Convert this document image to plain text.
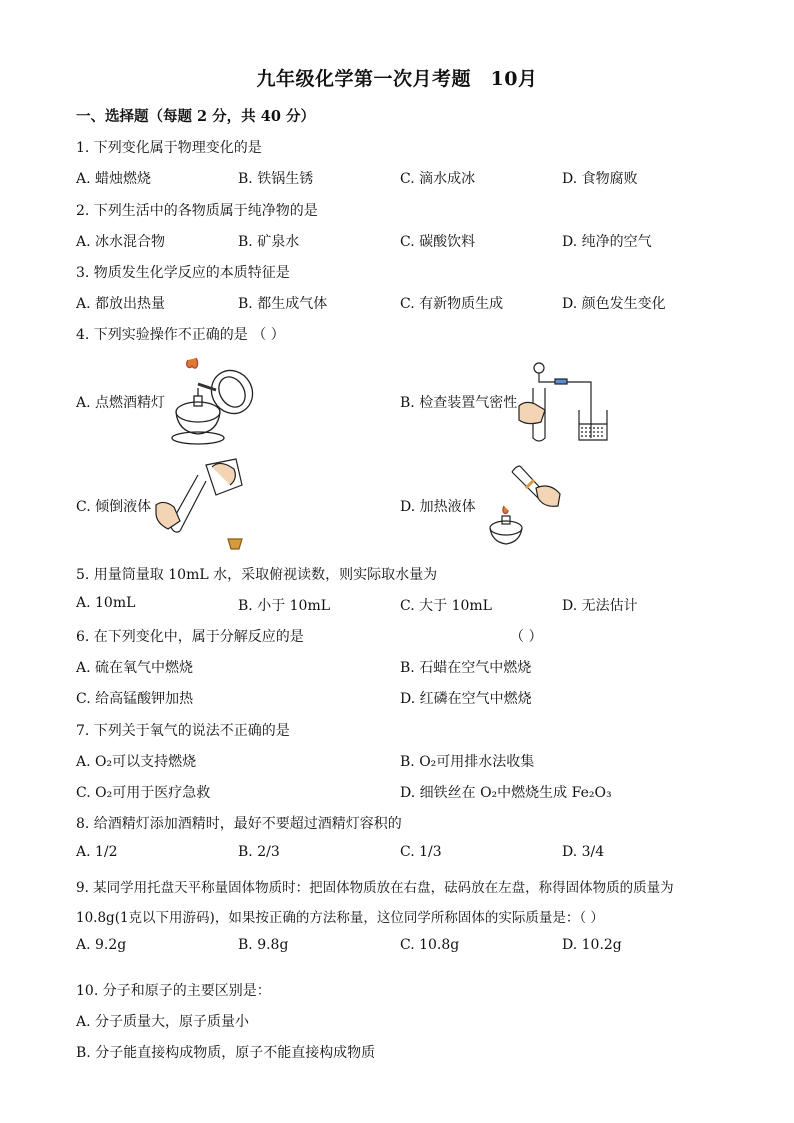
九年级化学第一次月考题　10月
一、选择题（每题 2 分，共 40 分）
1. 下列变化属于物理变化的是
A. 蜡烛燃烧	B. 铁锅生锈	C. 滴水成冰	D. 食物腐败
2. 下列生活中的各物质属于纯净物的是
A. 冰水混合物	B. 矿泉水	C. 碳酸饮料	D. 纯净的空气
3. 物质发生化学反应的本质特征是
A. 都放出热量	B. 都生成气体	C. 有新物质生成	D. 颜色发生变化
4. 下列实验操作不正确的是 （ ）
A. 点燃酒精灯	B. 检查装置气密性
C. 倾倒液体	D. 加热液体
5. 用量筒量取 10mL 水，采取俯视读数，则实际取水量为
A. 10mL	B. 小于 10mL	C. 大于 10mL	D. 无法估计
6. 在下列变化中，属于分解反应的是	（ ）
A. 硫在氧气中燃烧	B. 石蜡在空气中燃烧
C. 给高锰酸钾加热	D. 红磷在空气中燃烧
7. 下列关于氧气的说法不正确的是
A. O₂可以支持燃烧	B. O₂可用排水法收集
C. O₂可用于医疗急救	D. 细铁丝在 O₂中燃烧生成 Fe₂O₃
8. 给酒精灯添加酒精时，最好不要超过酒精灯容积的
A. 1/2	B. 2/3	C. 1/3	D. 3/4
9. 某同学用托盘天平称量固体物质时：把固体物质放在右盘，砝码放在左盘，称得固体物质的质量为
10.8g(1克以下用游码)，如果按正确的方法称量，这位同学所称固体的实际质量是：（ ）
A. 9.2g	B. 9.8g	C. 10.8g	D. 10.2g
10. 分子和原子的主要区别是：
A. 分子质量大，原子质量小
B. 分子能直接构成物质，原子不能直接构成物质
